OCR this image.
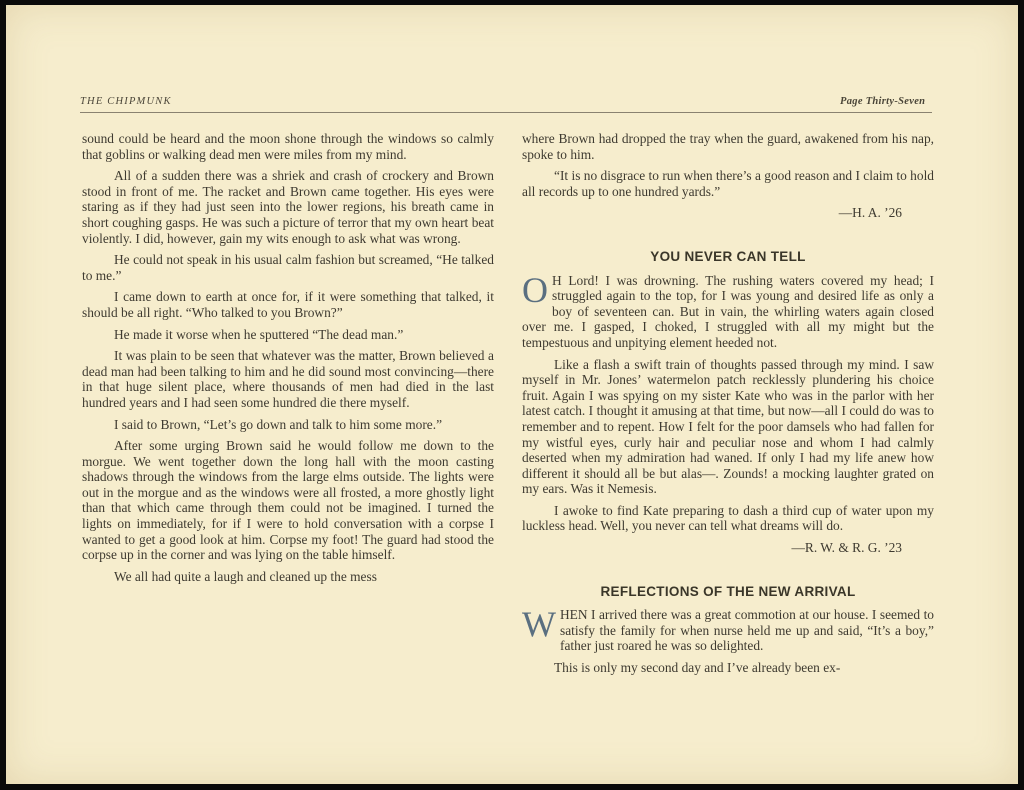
THE CHIPMUNK	Page Thirty-Seven

sound could be heard and the moon shone through the windows so calmly that goblins or walking dead men were miles from my mind.

All of a sudden there was a shriek and crash of crockery and Brown stood in front of me. The racket and Brown came together. His eyes were staring as if they had just seen into the lower regions, his breath came in short coughing gasps. He was such a picture of terror that my own heart beat violently. I did, however, gain my wits enough to ask what was wrong.

He could not speak in his usual calm fashion but screamed, “He talked to me.”

I came down to earth at once for, if it were something that talked, it should be all right. “Who talked to you Brown?”

He made it worse when he sputtered “The dead man.”

It was plain to be seen that whatever was the matter, Brown believed a dead man had been talking to him and he did sound most convincing—there in that huge silent place, where thousands of men had died in the last hundred years and I had seen some hundred die there myself.

I said to Brown, “Let’s go down and talk to him some more.”

After some urging Brown said he would follow me down to the morgue. We went together down the long hall with the moon casting shadows through the windows from the large elms outside. The lights were out in the morgue and as the windows were all frosted, a more ghostly light than that which came through them could not be imagined. I turned the lights on immediately, for if I were to hold conversation with a corpse I wanted to get a good look at him. Corpse my foot! The guard had stood the corpse up in the corner and was lying on the table himself.

We all had quite a laugh and cleaned up the mess

where Brown had dropped the tray when the guard, awakened from his nap, spoke to him.

“It is no disgrace to run when there’s a good reason and I claim to hold all records up to one hundred yards.”

—H. A. ’26
YOU NEVER CAN TELL

O H Lord! I was drowning. The rushing waters covered my head; I struggled again to the top, for I was young and desired life as only a boy of seventeen can. But in vain, the whirling waters again closed over me. I gasped, I choked, I struggled with all my might but the tempestuous and unpitying element heeded not.

Like a flash a swift train of thoughts passed through my mind. I saw myself in Mr. Jones’ watermelon patch recklessly plundering his choice fruit. Again I was spying on my sister Kate who was in the parlor with her latest catch. I thought it amusing at that time, but now—all I could do was to remember and to repent. How I felt for the poor damsels who had fallen for my wistful eyes, curly hair and peculiar nose and whom I had calmly deserted when my admiration had waned. If only I had my life anew how different it should all be but alas—. Zounds! a mocking laughter grated on my ears. Was it Nemesis.

I awoke to find Kate preparing to dash a third cup of water upon my luckless head. Well, you never can tell what dreams will do.

—R. W. & R. G. ’23
REFLECTIONS OF THE NEW ARRIVAL

WHEN I arrived there was a great commotion at our house. I seemed to satisfy the family for when nurse held me up and said, “It’s a boy,” father just roared he was so delighted.

This is only my second day and I’ve already been ex-
